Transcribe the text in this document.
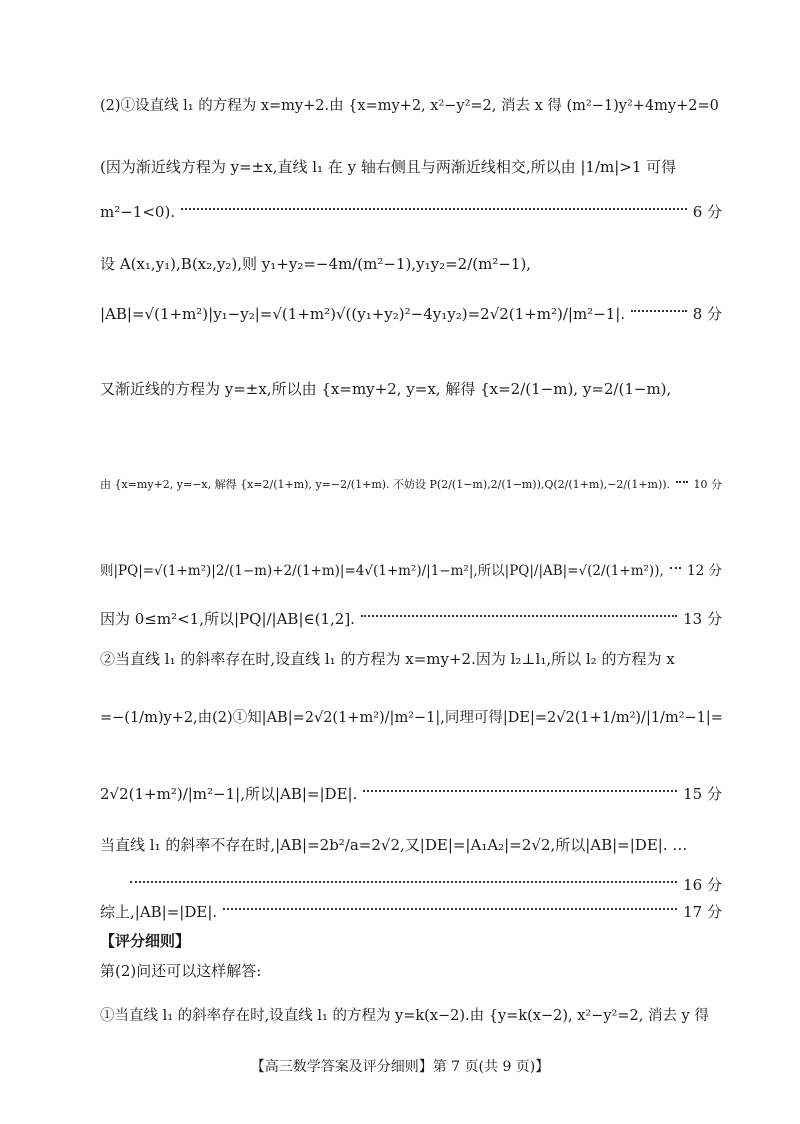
(2)①设直线 l₁ 的方程为 x=my+2.由 {x=my+2, x²−y²=2, 消去 x 得 (m²−1)y²+4my+2=0
(因为渐近线方程为 y=±x,直线 l₁ 在 y 轴右侧且与两渐近线相交,所以由 |1/m|>1 可得
m²−1<0).	6 分
设 A(x₁,y₁),B(x₂,y₂),则 y₁+y₂=−4m/(m²−1),y₁y₂=2/(m²−1),
|AB|=√(1+m²)|y₁−y₂|=√(1+m²)√((y₁+y₂)²−4y₁y₂)=2√2(1+m²)/|m²−1|.	8 分
又渐近线的方程为 y=±x,所以由 {x=my+2, y=x, 解得 {x=2/(1−m), y=2/(1−m),
由 {x=my+2, y=−x, 解得 {x=2/(1+m), y=−2/(1+m). 不妨设 P(2/(1−m),2/(1−m)),Q(2/(1+m),−2/(1+m)). 10 分
则|PQ|=√(1+m²)|2/(1−m)+2/(1+m)|=4√(1+m²)/|1−m²|,所以|PQ|/|AB|=√(2/(1+m²)), 12 分
因为 0≤m²<1,所以|PQ|/|AB|∈(1,2].	13 分
②当直线 l₁ 的斜率存在时,设直线 l₁ 的方程为 x=my+2.因为 l₂⊥l₁,所以 l₂ 的方程为 x
=−(1/m)y+2,由(2)①知|AB|=2√2(1+m²)/|m²−1|,同理可得|DE|=2√2(1+1/m²)/|1/m²−1|=
2√2(1+m²)/|m²−1|,所以|AB|=|DE|.	15 分
当直线 l₁ 的斜率不存在时,|AB|=2b²/a=2√2,又|DE|=|A₁A₂|=2√2,所以|AB|=|DE|. …
16 分
综上,|AB|=|DE|.	17 分
【评分细则】
第(2)问还可以这样解答:
①当直线 l₁ 的斜率存在时,设直线 l₁ 的方程为 y=k(x−2).由 {y=k(x−2), x²−y²=2, 消去 y 得
【高三数学答案及评分细则】第 7 页(共 9 页)】
